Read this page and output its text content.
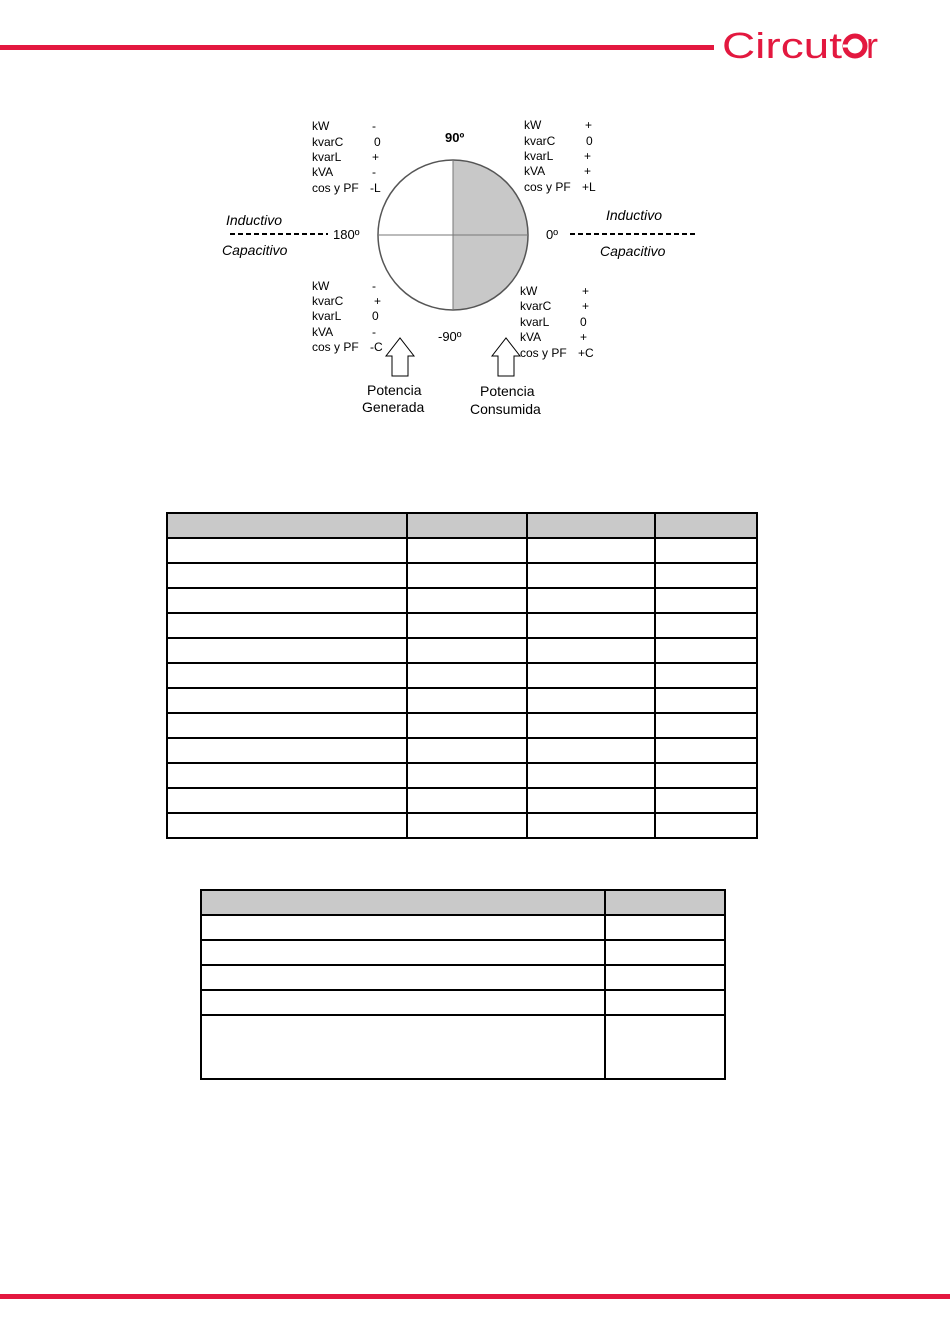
Circut r
90º
180º	0º
-90º
Inductivo
Capacitivo
Inductivo
Capacitivo
kW	-
kvarC	0
kvarL	+
kVA	-
cos y PF -L
kW	+
kvarC	0
kvarL	+
kVA	+
cos y PF +L
kW	-
kvarC	+
kvarL	0
kVA	-
cos y PF -C
kW	+
kvarC	+
kvarL	0
kVA	+
cos y PF +C
Potencia
Generada
Potencia
Consumida
